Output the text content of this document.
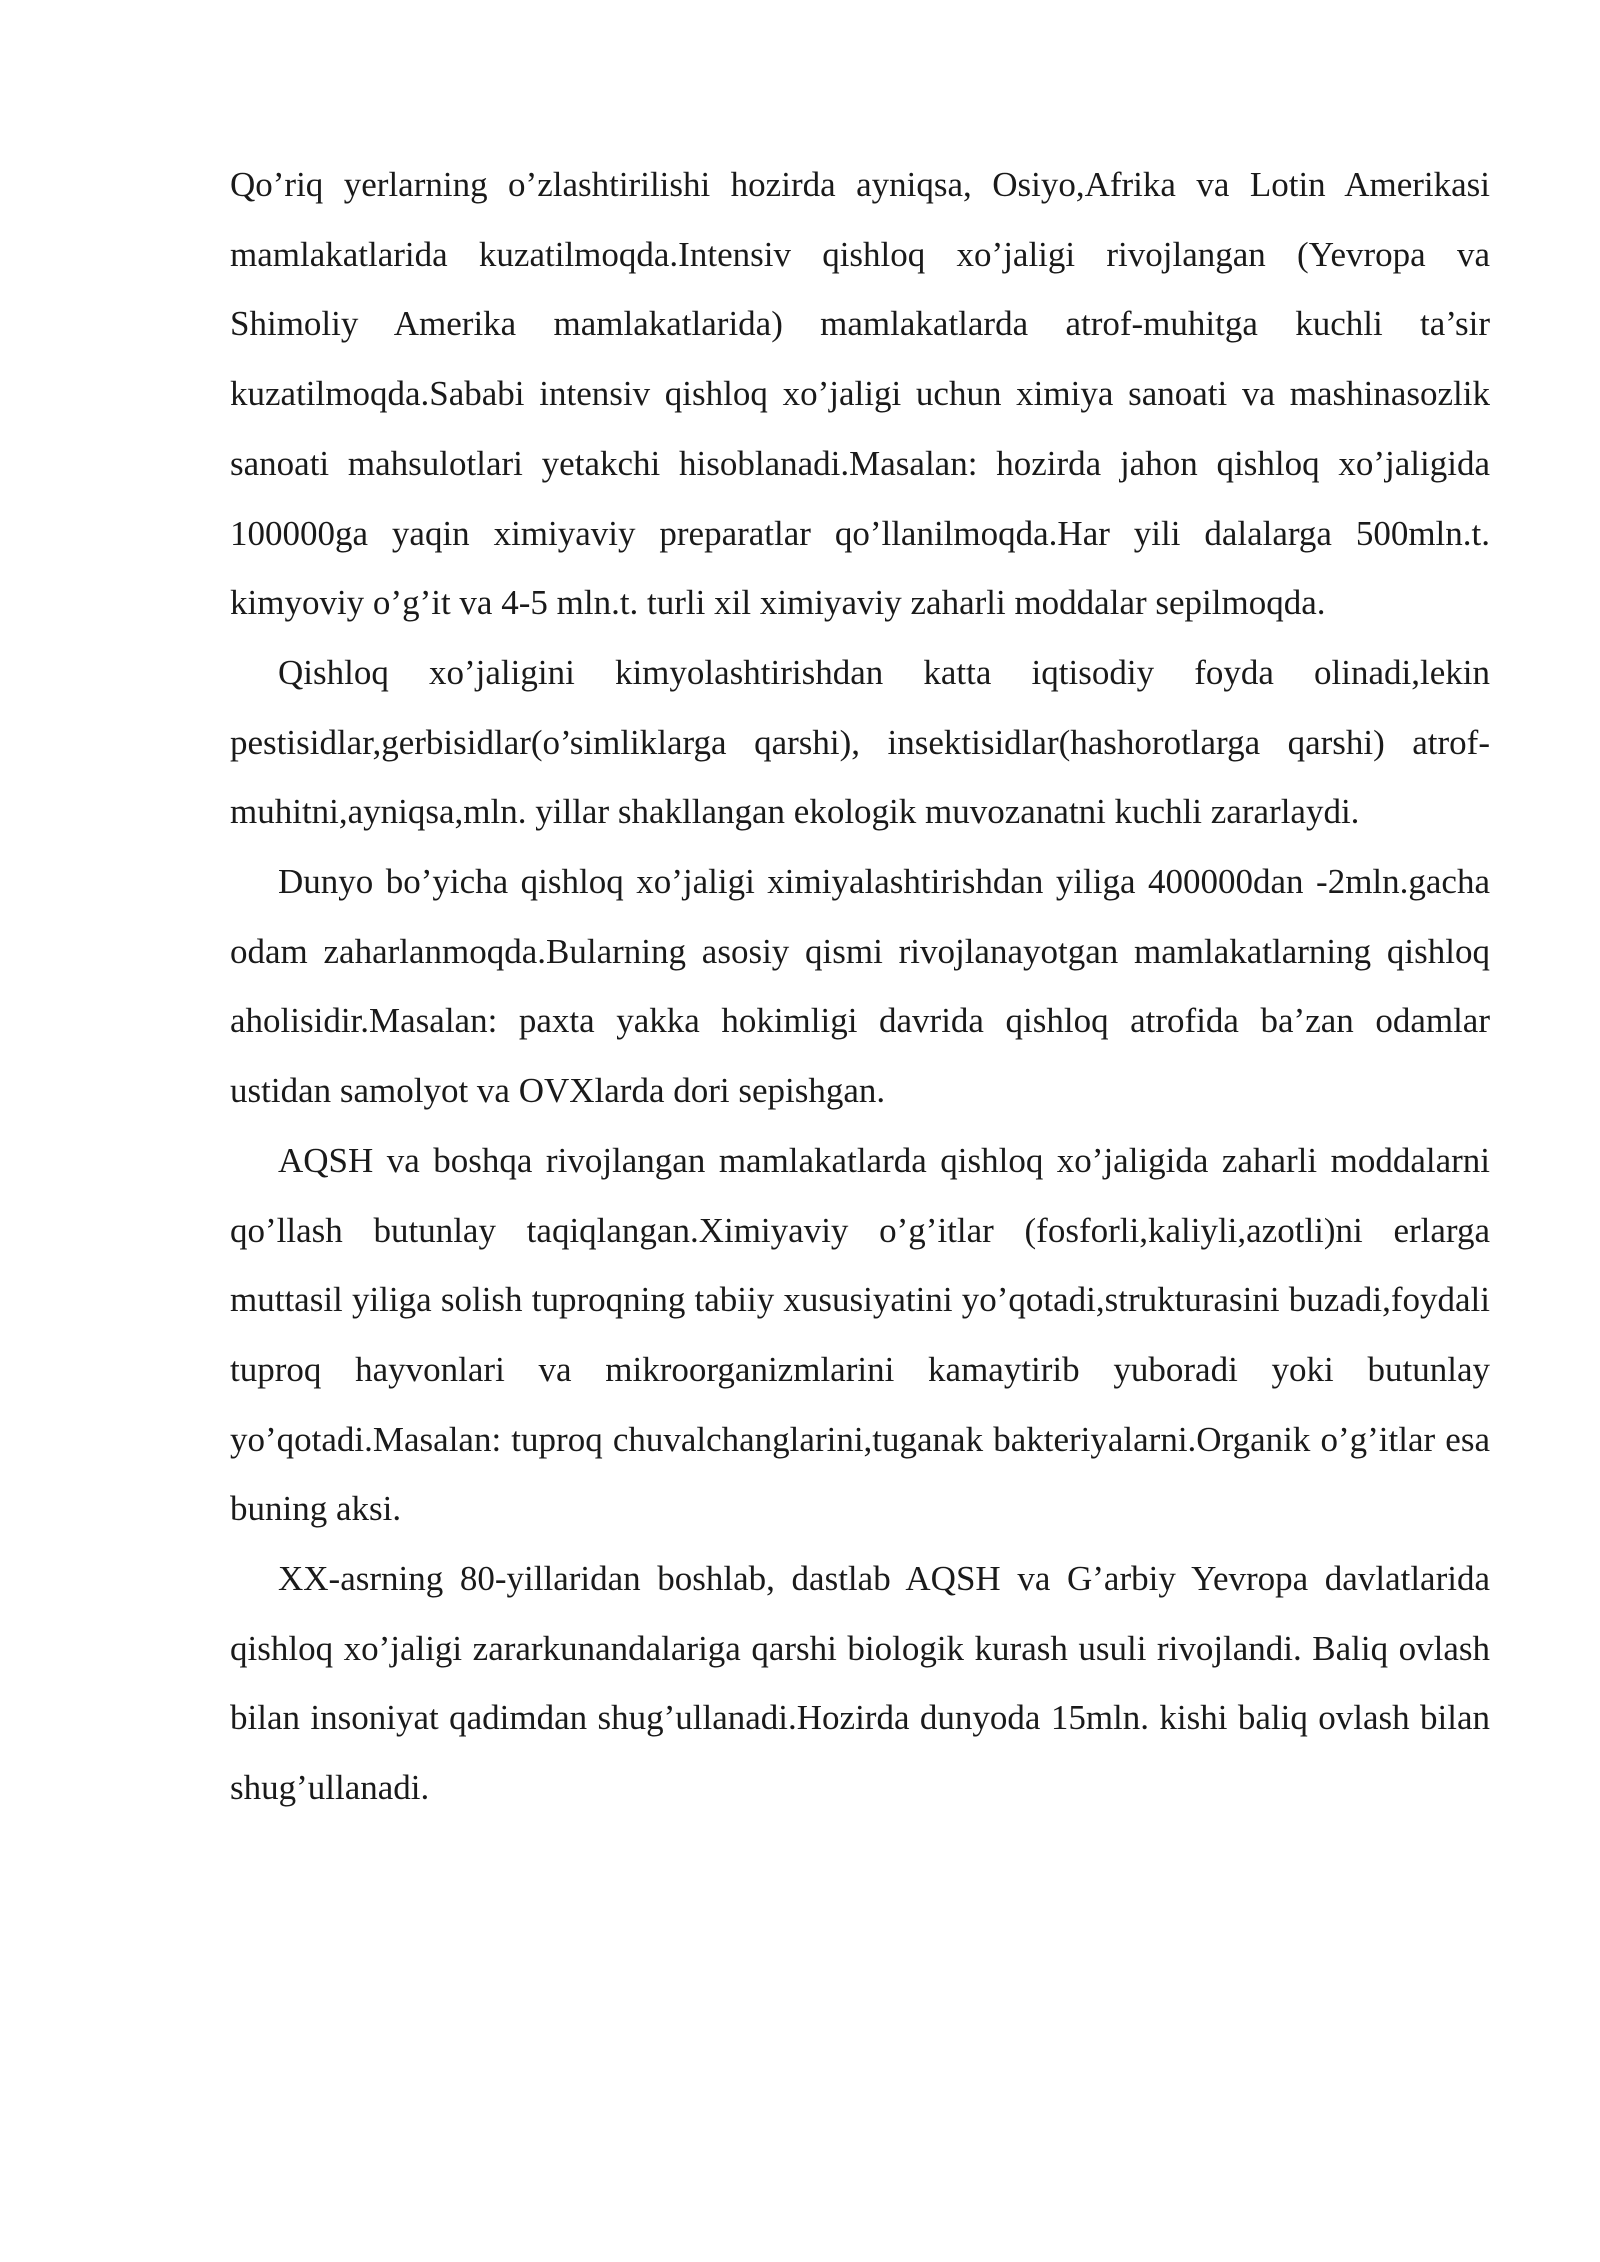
Qo’riq yerlarning o’zlashtirilishi hozirda ayniqsa, Osiyo,Afrika va Lotin Amerikasi mamlakatlarida kuzatilmoqda.Intensiv qishloq xo’jaligi rivojlangan (Yevropa va Shimoliy Amerika mamlakatlarida) mamlakatlarda atrof-muhitga kuchli ta’sir kuzatilmoqda.Sababi intensiv qishloq xo’jaligi uchun ximiya sanoati va mashinasozlik sanoati mahsulotlari yetakchi hisoblanadi.Masalan: hozirda jahon qishloq xo’jaligida 100000ga yaqin ximiyaviy preparatlar qo’llanilmoqda.Har yili dalalarga 500mln.t. kimyoviy o’g’it va 4-5 mln.t. turli xil ximiyaviy zaharli moddalar sepilmoqda.

Qishloq xo’jaligini kimyolashtirishdan katta iqtisodiy foyda olinadi,lekin pestisidlar,gerbisidlar(o’simliklarga qarshi), insektisidlar(hashorotlarga qarshi) atrof-muhitni,ayniqsa,mln. yillar shakllangan ekologik muvozanatni kuchli zararlaydi.

Dunyo bo’yicha qishloq xo’jaligi ximiyalashtirishdan yiliga 400000dan -2mln.gacha odam zaharlanmoqda.Bularning asosiy qismi rivojlanayotgan mamlakatlarning qishloq aholisidir.Masalan: paxta yakka hokimligi davrida qishloq atrofida ba’zan odamlar ustidan samolyot va OVXlarda dori sepishgan.

AQSH va boshqa rivojlangan mamlakatlarda qishloq xo’jaligida zaharli moddalarni qo’llash butunlay taqiqlangan.Ximiyaviy o’g’itlar (fosforli,kaliyli,azotli)ni erlarga muttasil yiliga solish tuproqning tabiiy xususiyatini yo’qotadi,strukturasini buzadi,foydali tuproq hayvonlari va mikroorganizmlarini kamaytirib yuboradi yoki butunlay yo’qotadi.Masalan: tuproq chuvalchanglarini,tuganak bakteriyalarni.Organik o’g’itlar esa buning aksi.

XX-asrning 80-yillaridan boshlab, dastlab AQSH va G’arbiy Yevropa davlatlarida qishloq xo’jaligi zararkunandalariga qarshi biologik kurash usuli rivojlandi. Baliq ovlash bilan insoniyat qadimdan shug’ullanadi.Hozirda dunyoda 15mln. kishi baliq ovlash bilan shug’ullanadi.
